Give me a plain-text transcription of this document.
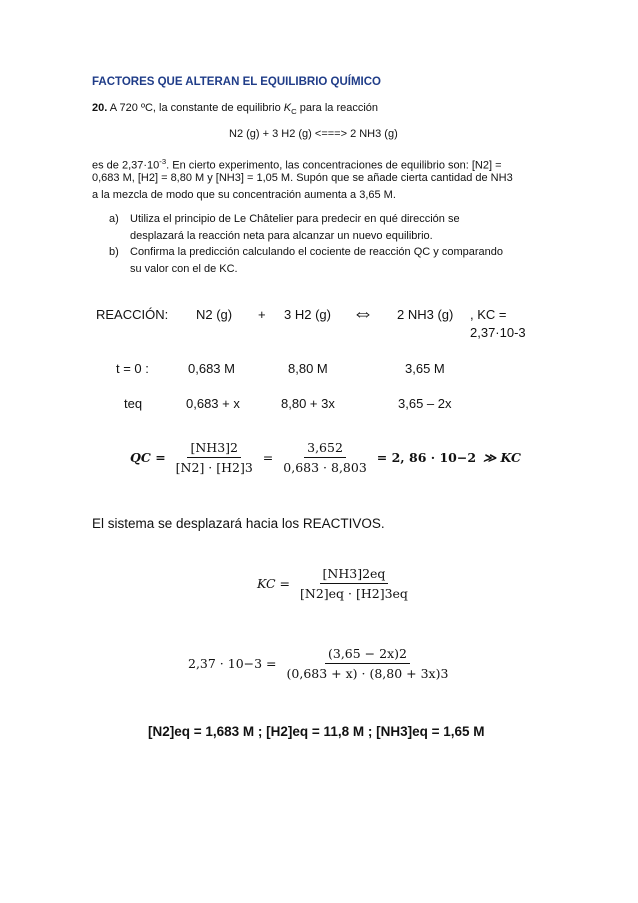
FACTORES QUE ALTERAN EL EQUILIBRIO QUÍMICO
20. A 720 ºC, la constante de equilibrio $K_C$ para la reacción
N2 (g) + 3 H2 (g) <===> 2 NH3 (g)
es de $2,37\cdot 10^{-3}$. En cierto experimento, las concentraciones de equilibrio son: [N2] =
0,683 M, [H2] = 8,80 M y [NH3] = 1,05 M. Supón que se añade cierta cantidad de NH3
a la mezcla de modo que su concentración aumenta a 3,65 M.
a) Utiliza el principio de Le Châtelier para predecir en qué dirección se
desplazará la reacción neta para alcanzar un nuevo equilibrio.
b) Confirma la predicción calculando el cociente de reacción QC y comparando
su valor con el de KC.
REACCIÓN: N2 (g) + 3 H2 (g) ⇔ 2 NH3 (g) , KC =
2,37·10-3
t = 0 :	0,683 M	8,80 M	3,65 M
teq	0,683 + x	8,80 + 3x	3,65 – 2x
QC = $\frac{[NH3]2}{[N2] \cdot [H2]3} = \frac{3,652}{0,683 \cdot 8,803} = 2$, 86 · 10−2 ≫ KC
El sistema se desplazará hacia los REACTIVOS.
KC = $\frac{[NH3]2eq}{[N2]eq \cdot [H2]3eq}$
$2,37 \cdot 10-3 = \frac{(3,65 - 2x)2}{(0,683 + x) \cdot (8,80 + 3x)3}$
[N2]eq = 1,683 M ; [H2]eq = 11,8 M ; [NH3]eq = 1,65 M
